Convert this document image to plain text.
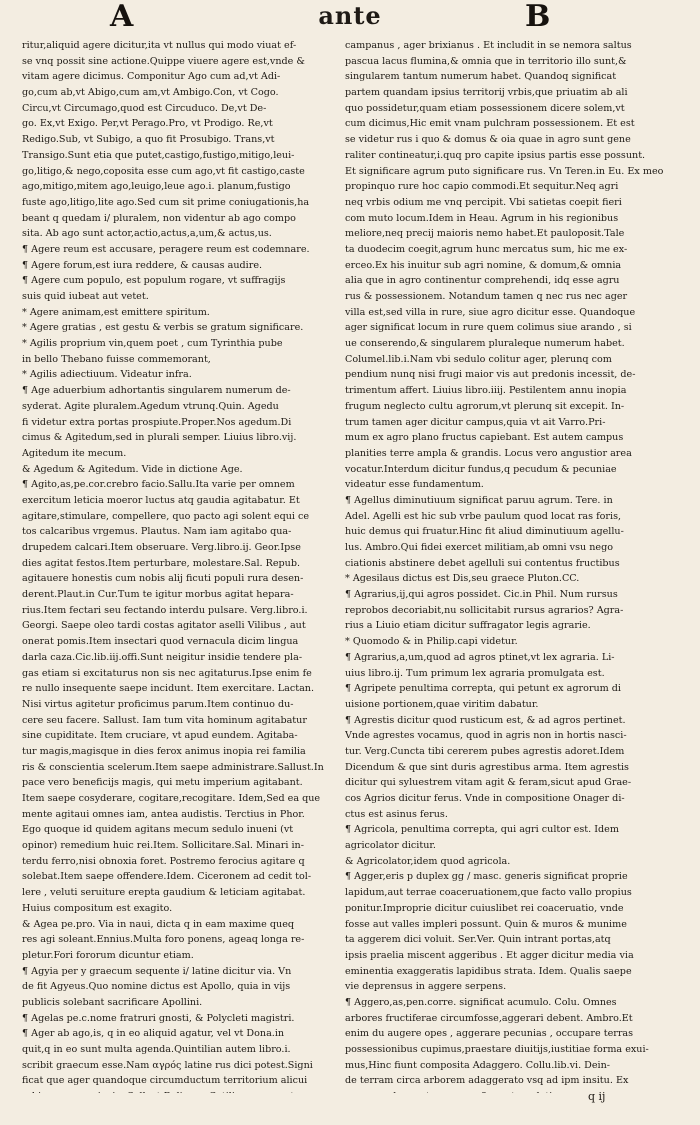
A	ante	B
ritur,aliquid agere dicitur,ita vt nullus qui modo viuat ef-
se vnq possit sine actione.Quippe viuere agere est,vnde &
vitam agere dicimus. Componitur Ago cum ad,vt Adi-
go,cum ab,vt Abigo,cum am,vt Ambigo.Con, vt Cogo.
Circu,vt Circumago,quod est Circuduco. De,vt De-
go. Ex,vt Exigo. Per,vt Perago.Pro, vt Prodigo. Re,vt
Redigo.Sub, vt Subigo, a quo fit Prosubigo. Trans,vt
Transigo.Sunt etia que putet,castigo,fustigo,mitigo,leui-
go,litigo,& nego,coposita esse cum ago,vt fit castigo,caste
ago,mitigo,mitem ago,leuigo,leue ago.i. planum,fustigo
fuste ago,litigo,lite ago.Sed cum sit prime coniugationis,ha
beant q quedam i/ pluralem, non videntur ab ago compo
sita. Ab ago sunt actor,actio,actus,a,um,& actus,us.
¶ Agere reum est accusare, peragere reum est codemnare.
¶ Agere forum,est iura reddere, & causas audire.
¶ Agere cum populo, est populum rogare, vt suffragijs
suis quid iubeat aut vetet.
* Agere animam,est emittere spiritum.
* Agere gratias , est gestu & verbis se gratum significare.
* Agilis proprium vin,quem poet , cum Tyrinthia pube
in bello Thebano fuisse commemorant,
* Agilis adiectiuum. Videatur infra.
¶ Age aduerbium adhortantis singularem numerum de-
syderat. Agite pluralem.Agedum vtrunq.Quin. Agedu
fi videtur extra portas prospiute.Proper.Nos agedum.Di
cimus & Agitedum,sed in plurali semper. Liuius libro.vij.
Agitedum ite mecum.
& Agedum & Agitedum. Vide in dictione Age.
¶ Agito,as,pe.cor.crebro facio.Sallu.Ita varie per omnem
exercitum leticia moeror luctus atq gaudia agitabatur. Et
agitare,stimulare, compellere, quo pacto agi solent equi ce
tos calcaribus vrgemus. Plautus. Nam iam agitabo qua-
drupedem calcari.Item obseruare. Verg.libro.ij. Geor.Ipse
dies agitat festos.Item perturbare, molestare.Sal. Repub.
agitauere honestis cum nobis alij ficuti populi rura desen-
derent.Plaut.in Cur.Tum te igitur morbus agitat hepara-
rius.Item fectari seu fectando interdu pulsare. Verg.libro.i.
Georgi. Saepe oleo tardi costas agitator aselli Vilibus , aut
onerat pomis.Item insectari quod vernacula dicim lingua
darla caza.Cic.lib.iij.offi.Sunt neigitur insidie tendere pla-
gas etiam si excitaturus non sis nec agitaturus.Ipse enim fe
re nullo insequente saepe incidunt. Item exercitare. Lactan.
Nisi virtus agitetur proficimus parum.Item continuo du-
cere seu facere. Sallust. Iam tum vita hominum agitabatur
sine cupiditate. Item cruciare, vt apud eundem. Agitaba-
tur magis,magisque in dies ferox animus inopia rei familia
ris & conscientia scelerum.Item saepe administrare.Sallust.In
pace vero beneficijs magis, qui metu imperium agitabant.
Item saepe cosyderare, cogitare,recogitare. Idem,Sed ea que
mente agitaui omnes iam, antea audistis. Terctius in Phor.
Ego quoque id quidem agitans mecum sedulo inueni (vt
opinor) remedium huic rei.Item. Sollicitare.Sal. Minari in-
terdu ferro,nisi obnoxia foret. Postremo ferocius agitare q
solebat.Item saepe offendere.Idem. Ciceronem ad cedit tol-
lere , veluti seruiture erepta gaudium & leticiam agitabat.
Huius compositum est exagito.
& Agea pe.pro. Via in naui, dicta q in eam maxime queq
res agi soleant.Ennius.Multa foro ponens, ageaq longa re-
pletur.Fori fororum dicuntur etiam.
¶ Agyia per y graecum sequente i/ latine dicitur via. Vn
de fit Agyeus.Quo nomine dictus est Apollo, quia in vijs
publicis solebant sacrificare Apollini.
¶ Agelas pe.c.nome fratruri gnosti, & Polycleti magistri.
¶ Ager ab ago,is, q in eo aliquid agatur, vel vt Dona.in
quit,q in eo sunt multa agenda.Quintilian autem libro.i.
scribit graecum esse.Nam αγρός latine rus dici potest.Signi
ficat que ager quandoque circumductum territorium alicui
campanus , ager brixianus . Et includit in se nemora saltus
pascua lacus flumina,& omnia que in territorio illo sunt,&
singularem tantum numerum habet. Quandoq significat
partem quandam ipsius territorij vrbis,que priuatim ab ali
quo possidetur,quam etiam possessionem dicere solem,vt
cum dicimus,Hic emit vnam pulchram possessionem. Et est
se videtur rus i quo & domus & oia quae in agro sunt gene
raliter contineatur,i.quq pro capite ipsius partis esse possunt.
Et significare agrum puto significare rus. Vn Teren.in Eu. Ex meo
propinquo rure hoc capio commodi.Et sequitur.Neq agri
neq vrbis odium me vnq percipit. Vbi satietas coepit fieri
com muto locum.Idem in Heau. Agrum in his regionibus
meliore,neq precij maioris nemo habet.Et pauloposit.Tale
ta duodecim coegit,agrum hunc mercatus sum, hic me ex-
erceo.Ex his inuitur sub agri nomine, & domum,& omnia
alia que in agro continentur comprehendi, idq esse agru
rus & possessionem. Notandum tamen q nec rus nec ager
villa est,sed villa in rure, siue agro dicitur esse. Quandoque
ager significat locum in rure quem colimus siue arando , si
ue conserendo,& singularem pluraleque numerum habet.
Columel.lib.i.Nam vbi sedulo colitur ager, plerunq com
pendium nunq nisi frugi maior vis aut predonis incessit, de-
trimentum affert. Liuius libro.iiij. Pestilentem annu inopia
frugum neglecto cultu agrorum,vt plerunq sit excepit. In-
trum tamen ager dicitur campus,quia vt ait Varro.Pri-
mum ex agro plano fructus capiebant. Est autem campus
planities terre ampla & grandis. Locus vero angustior area
vocatur.Interdum dicitur fundus,q pecudum & pecuniae
videatur esse fundamentum.
¶ Agellus diminutiuum significat paruu agrum. Tere. in
Adel. Agelli est hic sub vrbe paulum quod locat ras foris,
huic demus qui fruatur.Hinc fit aliud diminutiuum agellu-
lus. Ambro.Qui fidei exercet militiam,ab omni vsu nego
ciationis abstinere debet agelluli sui contentus fructibus
* Agesilaus dictus est Dis,seu graece Pluton.CC.
¶ Agrarius,ij,qui agros possidet. Cic.in Phil. Num rursus
reprobos decoriabit,nu sollicitabit rursus agrarios? Agra-
rius a Liuio etiam dicitur suffragator legis agrarie.
* Quomodo & in Philip.capi videtur.
¶ Agrarius,a,um,quod ad agros ptinet,vt lex agraria. Li-
uius libro.ij. Tum primum lex agraria promulgata est.
¶ Agripete penultima correpta, qui petunt ex agrorum di
uisione portionem,quae viritim dabatur.
¶ Agrestis dicitur quod rusticum est, & ad agros pertinet.
Vnde agrestes vocamus, quod in agris non in hortis nasci-
tur. Verg.Cuncta tibi cererem pubes agrestis adoret.Idem
Dicendum & que sint duris agrestibus arma. Item agrestis
dicitur qui syluestrem vitam agit & feram,sicut apud Grae-
cos Agrios dicitur ferus. Vnde in compositione Onager di-
ctus est asinus ferus.
¶ Agricola, penultima correpta, qui agri cultor est. Idem
agricolator dicitur.
& Agricolator,idem quod agricola.
¶ Agger,eris p duplex gg / masc. generis significat proprie
lapidum,aut terrae coaceruationem,que facto vallo propius
ponitur.Improprie dicitur cuiuslibet rei coaceruatio, vnde
fosse aut valles impleri possunt. Quin & muros & munime
ta aggerem dici voluit. Ser.Ver. Quin intrant portas,atq
ipsis praelia miscent aggeribus . Et agger dicitur media via
eminentia exaggeratis lapidibus strata. Idem. Qualis saepe
vie deprensus in aggere serpens.
¶ Aggero,as,pen.corre. significat acumulo. Colu. Omnes
arbores fructiferae circumfosse,aggerari debent. Ambro.Et
enim du augere opes , aggerare pecunias , occupare terras
possessionibus cupimus,praestare diuitijs,iustitiae forma exui-
mus,Hinc fiunt composita Adaggero. Collu.lib.vi. Dein-
de terram circa arborem adaggerato vsq ad ipm insitu. Ex
q ij
